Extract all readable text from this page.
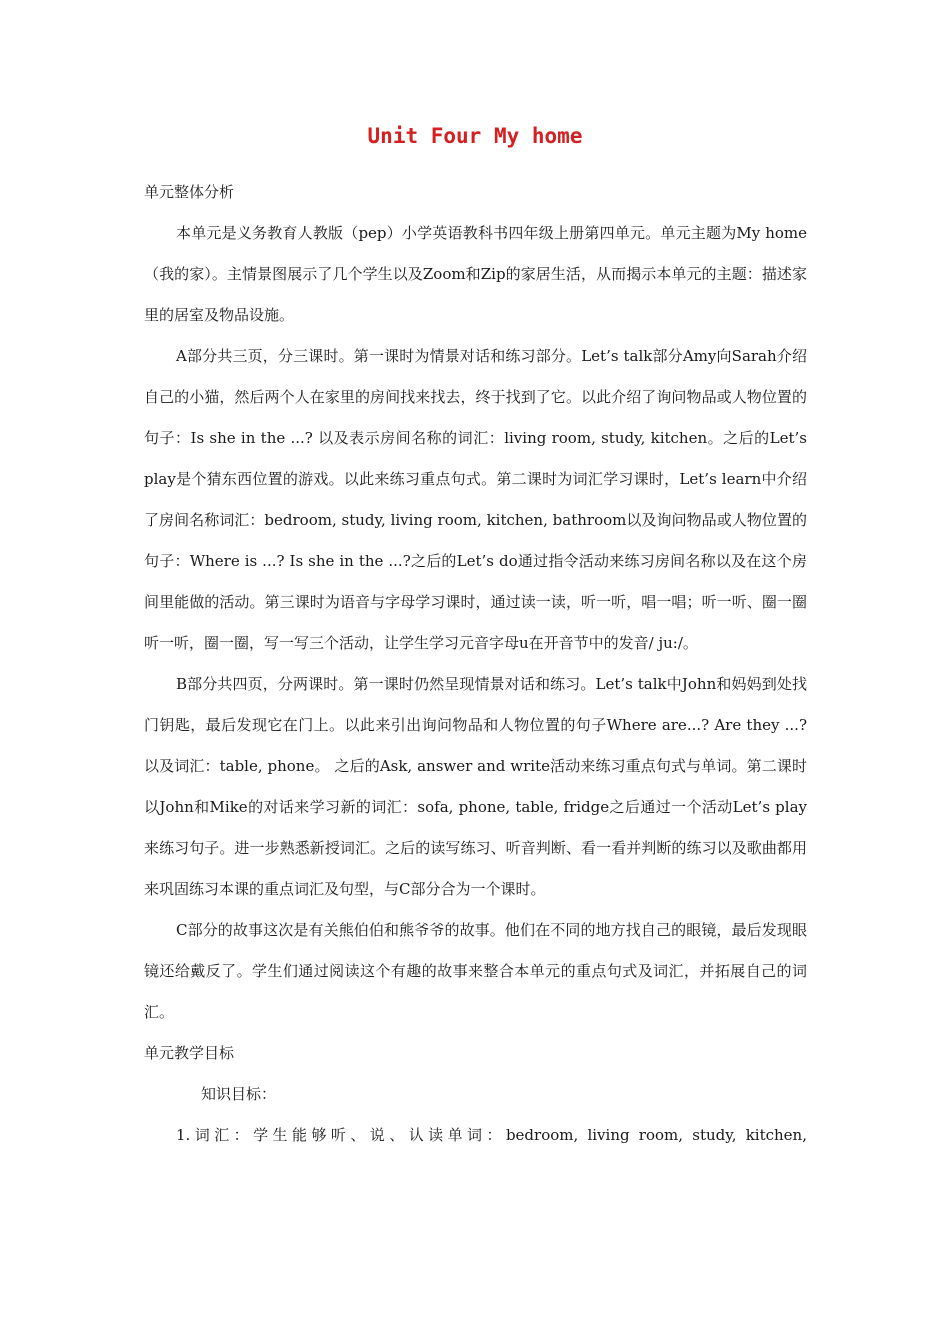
Unit Four My home

单元整体分析

本单元是义务教育人教版（pep）小学英语教科书四年级上册第四单元。单元主题为My home（我的家）。主情景图展示了几个学生以及Zoom和Zip的家居生活，从而揭示本单元的主题：描述家里的居室及物品设施。

A部分共三页，分三课时。第一课时为情景对话和练习部分。Let’s talk部分Amy向Sarah介绍自己的小猫，然后两个人在家里的房间找来找去，终于找到了它。以此介绍了询问物品或人物位置的句子：Is she in the ...? 以及表示房间名称的词汇：living room, study, kitchen。之后的Let’s play是个猜东西位置的游戏。以此来练习重点句式。第二课时为词汇学习课时，Let’s learn中介绍了房间名称词汇：bedroom, study, living room, kitchen, bathroom以及询问物品或人物位置的句子：Where is ...? Is she in the ...?之后的Let’s do通过指令活动来练习房间名称以及在这个房间里能做的活动。第三课时为语音与字母学习课时，通过读一读，听一听，唱一唱；听一听、圈一圈听一听，圈一圈，写一写三个活动，让学生学习元音字母u在开音节中的发音/ ju:/。

B部分共四页，分两课时。第一课时仍然呈现情景对话和练习。Let’s talk中John和妈妈到处找门钥匙，最后发现它在门上。以此来引出询问物品和人物位置的句子Where are...? Are they ...? 以及词汇：table, phone。 之后的Ask, answer and write活动来练习重点句式与单词。第二课时以John和Mike的对话来学习新的词汇：sofa, phone, table, fridge之后通过一个活动Let’s play来练习句子。进一步熟悉新授词汇。之后的读写练习、听音判断、看一看并判断的练习以及歌曲都用来巩固练习本课的重点词汇及句型，与C部分合为一个课时。

C部分的故事这次是有关熊伯伯和熊爷爷的故事。他们在不同的地方找自己的眼镜，最后发现眼镜还给戴反了。学生们通过阅读这个有趣的故事来整合本单元的重点句式及词汇，并拓展自己的词汇。

单元教学目标

知识目标：

1.词汇：学生能够听、说、认读单词：bedroom, living room, study, kitchen,
